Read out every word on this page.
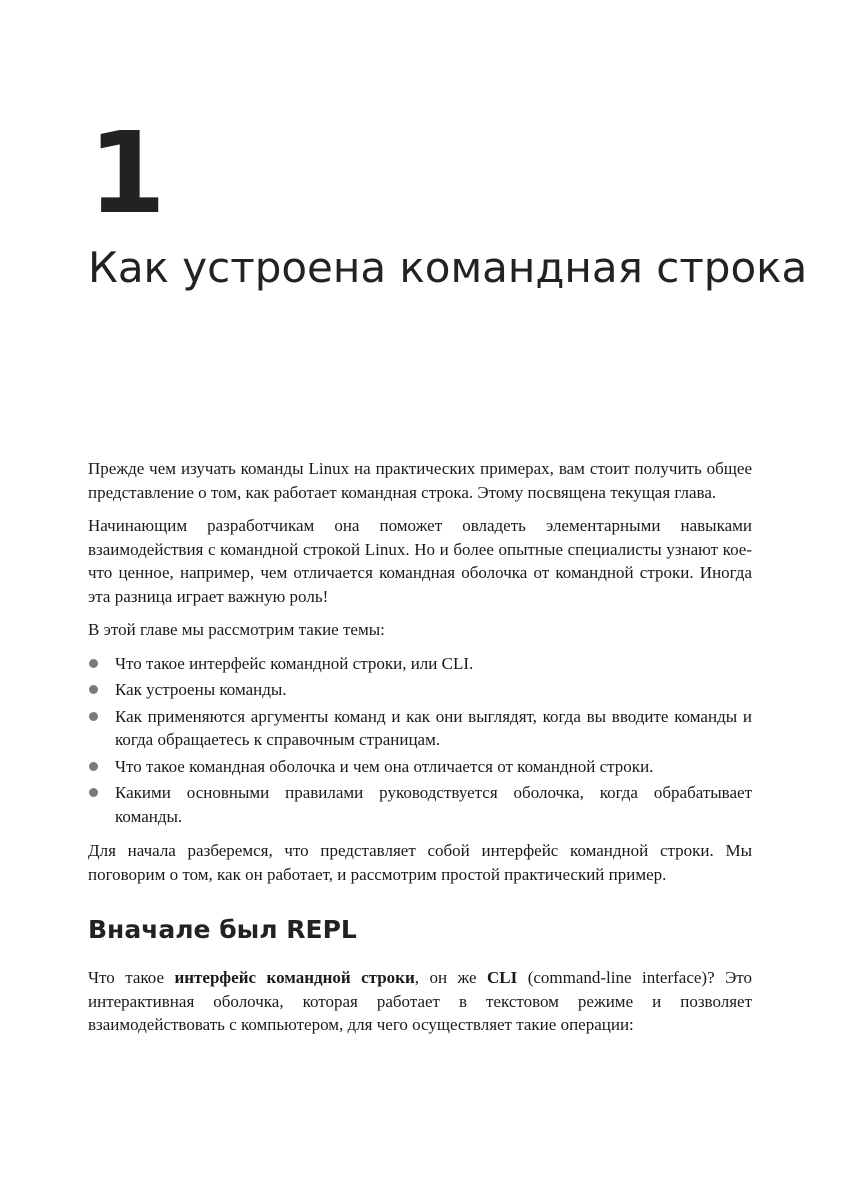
1
Как устроена командная строка

Прежде чем изучать команды Linux на практических примерах, вам стоит получить общее представление о том, как работает командная строка. Этому посвящена текущая глава.

Начинающим разработчикам она поможет овладеть элементарными навыками взаимодействия с командной строкой Linux. Но и более опытные специалисты узнают кое-что ценное, например, чем отличается командная оболочка от командной строки. Иногда эта разница играет важную роль!

В этой главе мы рассмотрим такие темы:

Что такое интерфейс командной строки, или CLI.
Как устроены команды.
Как применяются аргументы команд и как они выглядят, когда вы вводите команды и когда обращаетесь к справочным страницам.
Что такое командная оболочка и чем она отличается от командной строки.
Какими основными правилами руководствуется оболочка, когда обрабатывает команды.

Для начала разберемся, что представляет собой интерфейс командной строки. Мы поговорим о том, как он работает, и рассмотрим простой практический пример.

Вначале был REPL

Что такое интерфейс командной строки, он же CLI (command-line interface)? Это интерактивная оболочка, которая работает в текстовом режиме и позволяет взаимодействовать с компьютером, для чего осуществляет такие операции:
